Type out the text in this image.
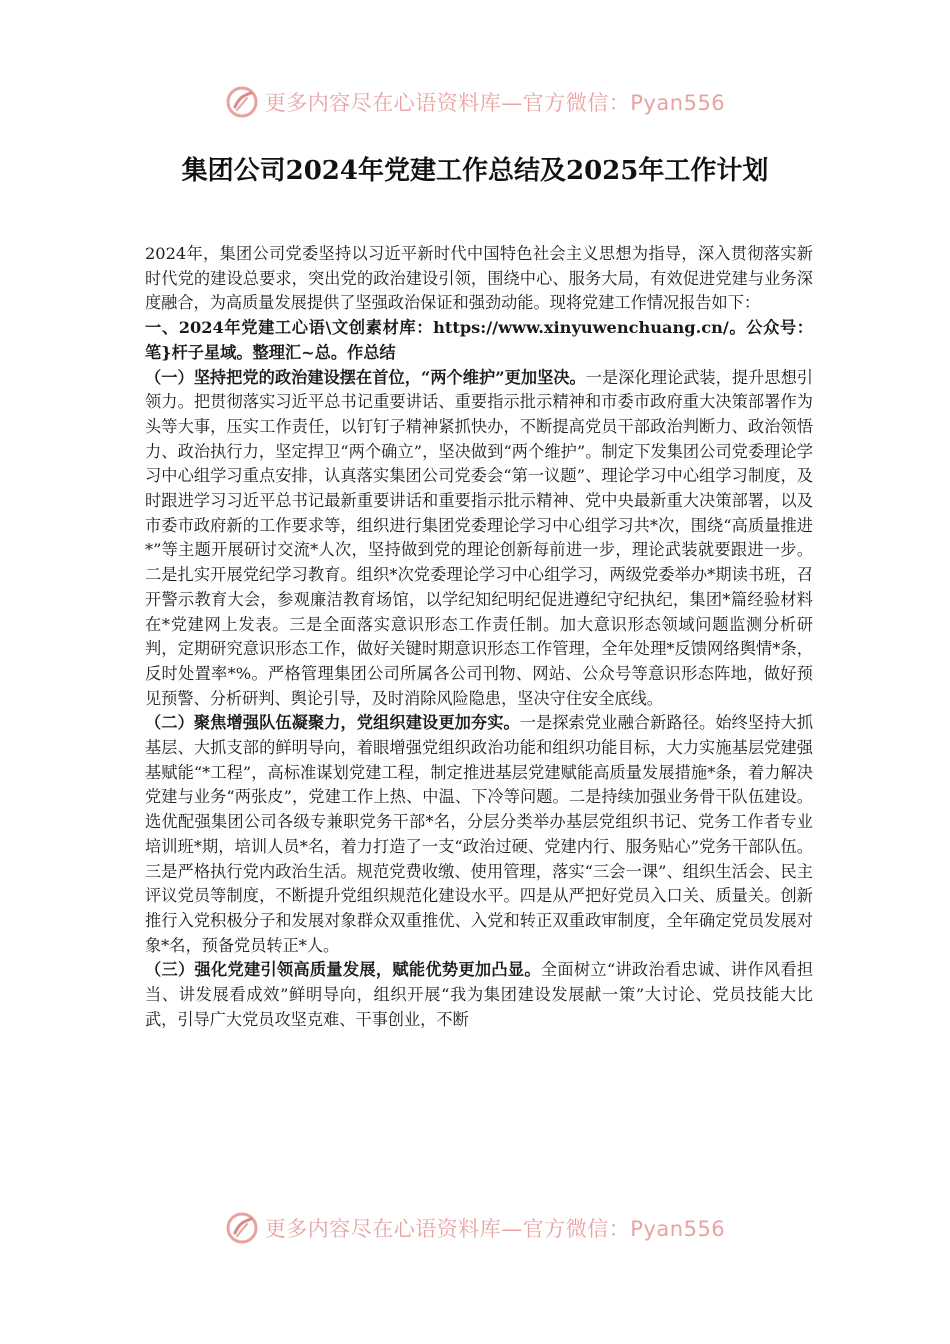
更多内容尽在心语资料库—官方微信：Pyan556
集团公司2024年党建工作总结及2025年工作计划

2024年，集团公司党委坚持以习近平新时代中国特色社会主义思想为指导，深入贯彻落实新时代党的建设总要求，突出党的政治建设引领，围绕中心、服务大局，有效促进党建与业务深度融合，为高质量发展提供了坚强政治保证和强劲动能。现将党建工作情况报告如下：

一、2024年党建工心语\文创素材库：https://www.xinyuwenchuang.cn/。公众号：笔}杆子星域。整理汇~总。作总结

（一）坚持把党的政治建设摆在首位，“两个维护”更加坚决。一是深化理论武装，提升思想引领力。把贯彻落实习近平总书记重要讲话、重要指示批示精神和市委市政府重大决策部署作为头等大事，压实工作责任，以钉钉子精神紧抓快办，不断提高党员干部政治判断力、政治领悟力、政治执行力，坚定捍卫“两个确立”，坚决做到“两个维护”。制定下发集团公司党委理论学习中心组学习重点安排，认真落实集团公司党委会“第一议题”、理论学习中心组学习制度，及时跟进学习习近平总书记最新重要讲话和重要指示批示精神、党中央最新重大决策部署，以及市委市政府新的工作要求等，组织进行集团党委理论学习中心组学习共*次，围绕“高质量推进*”等主题开展研讨交流*人次，坚持做到党的理论创新每前进一步，理论武装就要跟进一步。二是扎实开展党纪学习教育。组织*次党委理论学习中心组学习，两级党委举办*期读书班，召开警示教育大会，参观廉洁教育场馆，以学纪知纪明纪促进遵纪守纪执纪，集团*篇经验材料在*党建网上发表。三是全面落实意识形态工作责任制。加大意识形态领域问题监测分析研判，定期研究意识形态工作，做好关键时期意识形态工作管理，全年处理*反馈网络舆情*条，反时处置率*%。严格管理集团公司所属各公司刊物、网站、公众号等意识形态阵地，做好预见预警、分析研判、舆论引导，及时消除风险隐患，坚决守住安全底线。

（二）聚焦增强队伍凝聚力，党组织建设更加夯实。一是探索党业融合新路径。始终坚持大抓基层、大抓支部的鲜明导向，着眼增强党组织政治功能和组织功能目标，大力实施基层党建强基赋能“*工程”，高标准谋划党建工程，制定推进基层党建赋能高质量发展措施*条，着力解决党建与业务“两张皮”，党建工作上热、中温、下冷等问题。二是持续加强业务骨干队伍建设。选优配强集团公司各级专兼职党务干部*名，分层分类举办基层党组织书记、党务工作者专业培训班*期，培训人员*名，着力打造了一支“政治过硬、党建内行、服务贴心”党务干部队伍。三是严格执行党内政治生活。规范党费收缴、使用管理，落实“三会一课”、组织生活会、民主评议党员等制度，不断提升党组织规范化建设水平。四是从严把好党员入口关、质量关。创新推行入党积极分子和发展对象群众双重推优、入党和转正双重政审制度，全年确定党员发展对象*名，预备党员转正*人。

（三）强化党建引领高质量发展，赋能优势更加凸显。全面树立“讲政治看忠诚、讲作风看担当、讲发展看成效”鲜明导向，组织开展“我为集团建设发展献一策”大讨论、党员技能大比武，引导广大党员攻坚克难、干事创业，不断

更多内容尽在心语资料库—官方微信：Pyan556
